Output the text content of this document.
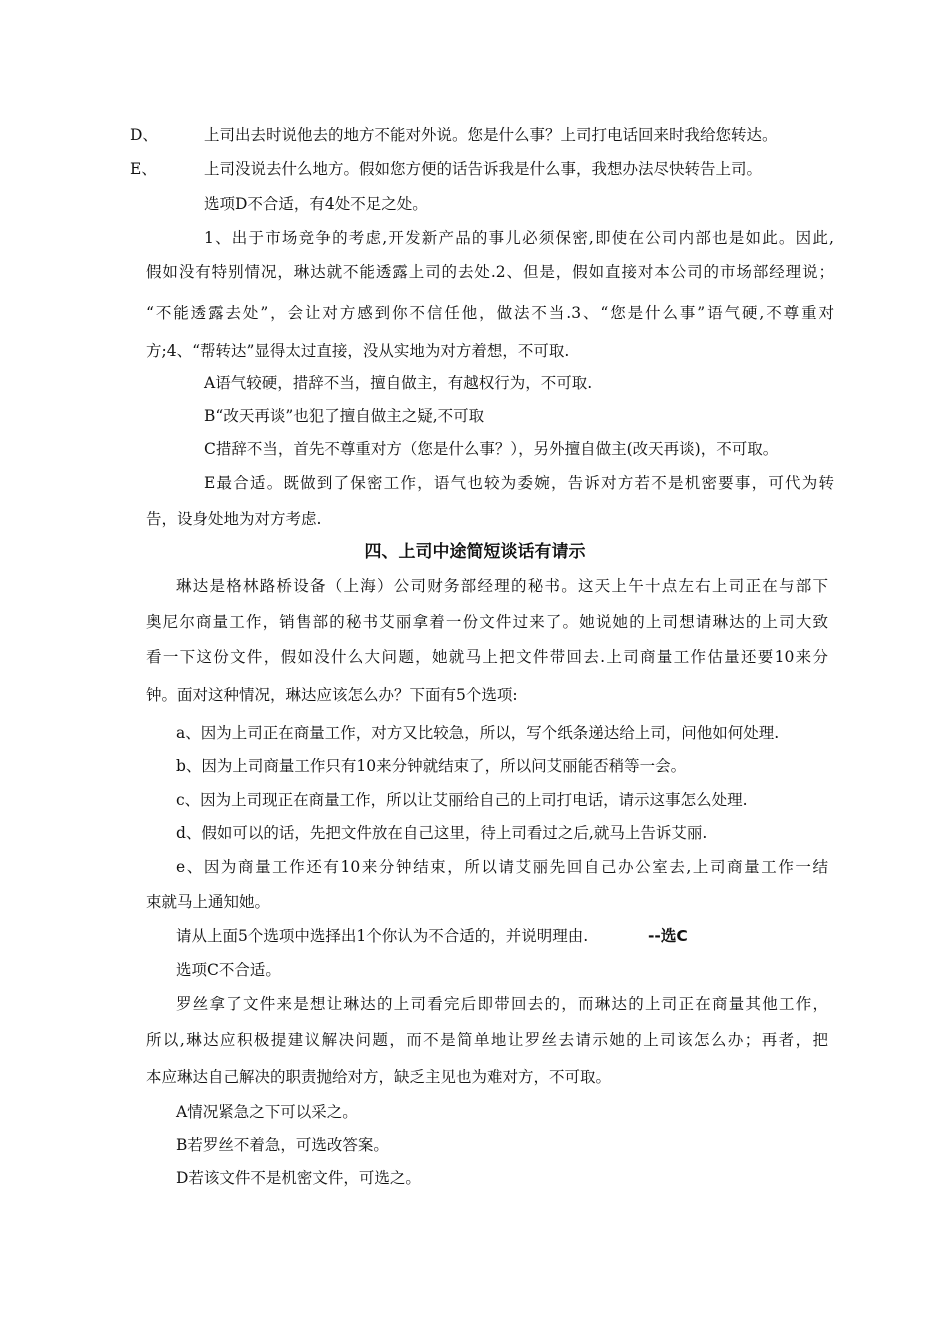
D、	上司出去时说他去的地方不能对外说。您是什么事？上司打电话回来时我给您转达。
E、	上司没说去什么地方。假如您方便的话告诉我是什么事，我想办法尽快转告上司。
选项D不合适，有4处不足之处。
1、出于市场竞争的考虑,开发新产品的事儿必须保密,即使在公司内部也是如此。因此,
假如没有特别情况，琳达就不能透露上司的去处.2、但是，假如直接对本公司的市场部经理说；
“不能透露去处”，会让对方感到你不信任他，做法不当.3、“您是什么事”语气硬,不尊重对
方;4、“帮转达”显得太过直接，没从实地为对方着想，不可取.
A语气较硬，措辞不当，擅自做主，有越权行为，不可取.
B“改天再谈”也犯了擅自做主之疑,不可取
C措辞不当，首先不尊重对方（您是什么事？），另外擅自做主(改天再谈)，不可取。
E最合适。既做到了保密工作，语气也较为委婉，告诉对方若不是机密要事，可代为转
告，设身处地为对方考虑.
四、上司中途简短谈话有请示
琳达是格林路桥设备（上海）公司财务部经理的秘书。这天上午十点左右上司正在与部下
奥尼尔商量工作，销售部的秘书艾丽拿着一份文件过来了。她说她的上司想请琳达的上司大致
看一下这份文件，假如没什么大问题，她就马上把文件带回去.上司商量工作估量还要10来分
钟。面对这种情况，琳达应该怎么办？下面有5个选项:
a、因为上司正在商量工作，对方又比较急，所以，写个纸条递达给上司，问他如何处理.
b、因为上司商量工作只有10来分钟就结束了，所以问艾丽能否稍等一会。
c、因为上司现正在商量工作，所以让艾丽给自己的上司打电话，请示这事怎么处理.
d、假如可以的话，先把文件放在自己这里，待上司看过之后,就马上告诉艾丽.
e、因为商量工作还有10来分钟结束，所以请艾丽先回自己办公室去,上司商量工作一结
束就马上通知她。
请从上面5个选项中选择出1个你认为不合适的，并说明理由.	--选C
选项C不合适。
罗丝拿了文件来是想让琳达的上司看完后即带回去的，而琳达的上司正在商量其他工作，
所以,琳达应积极提建议解决问题，而不是简单地让罗丝去请示她的上司该怎么办；再者，把
本应琳达自己解决的职责抛给对方，缺乏主见也为难对方，不可取。
A情况紧急之下可以采之。
B若罗丝不着急，可选改答案。
D若该文件不是机密文件，可选之。
